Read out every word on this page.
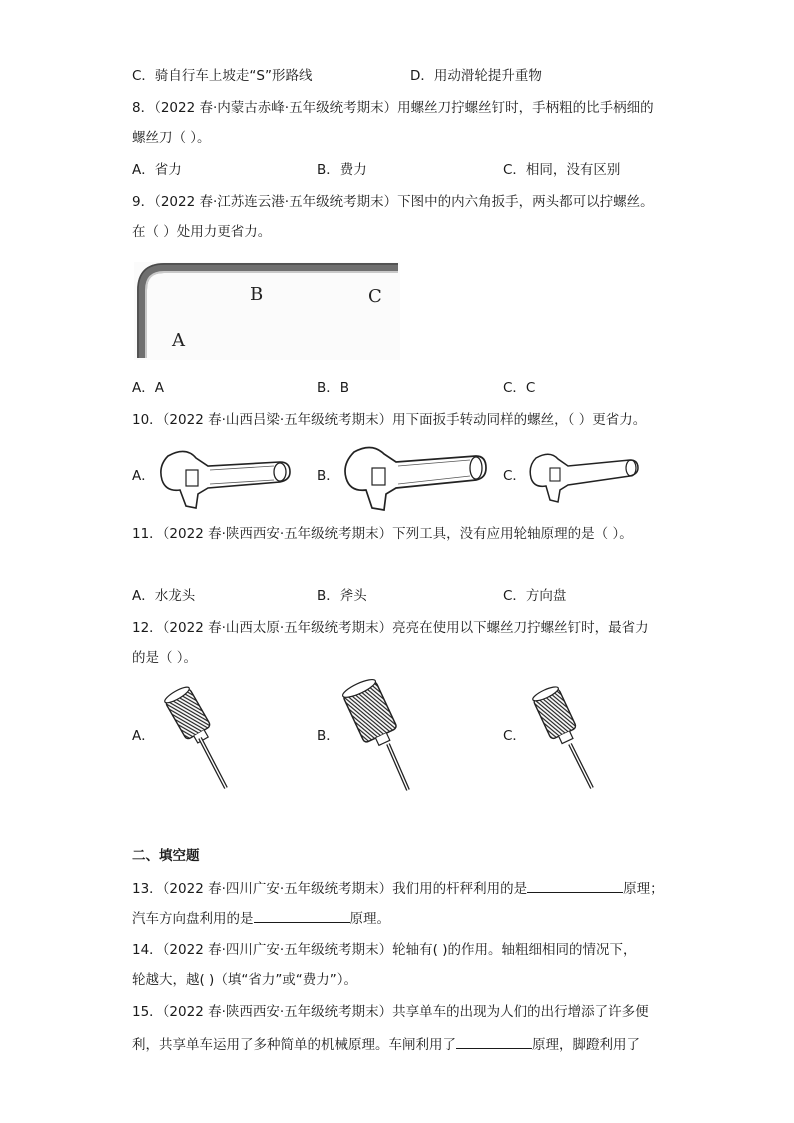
C．骑自行车上坡走“S”形路线	D．用动滑轮提升重物
8．（2022 春·内蒙古赤峰·五年级统考期末）用螺丝刀拧螺丝钉时，手柄粗的比手柄细的
螺丝刀（ ）。
A．省力	B．费力	C．相同，没有区别
9．（2022 春·江苏连云港·五年级统考期末）下图中的内六角扳手，两头都可以拧螺丝。
在（ ）处用力更省力。
B	C
A
A．A	B．B	C．C
10．（2022 春·山西吕梁·五年级统考期末）用下面扳手转动同样的螺丝，（ ）更省力。
A．	B．	C．
11．（2022 春·陕西西安·五年级统考期末）下列工具，没有应用轮轴原理的是（ ）。
A．水龙头	B．斧头	C．方向盘
12．（2022 春·山西太原·五年级统考期末）亮亮在使用以下螺丝刀拧螺丝钉时，最省力
的是（ ）。
A．	B．	C．
二、填空题
13．（2022 春·四川广安·五年级统考期末）我们用的杆秤利用的是	原理；
汽车方向盘利用的是	原理。
14．（2022 春·四川广安·五年级统考期末）轮轴有( )的作用。轴粗细相同的情况下，
轮越大，越( )（填“省力”或“费力”）。
15．（2022 春·陕西西安·五年级统考期末）共享单车的出现为人们的出行增添了许多便
利，共享单车运用了多种简单的机械原理。车闸利用了	原理，脚蹬利用了
